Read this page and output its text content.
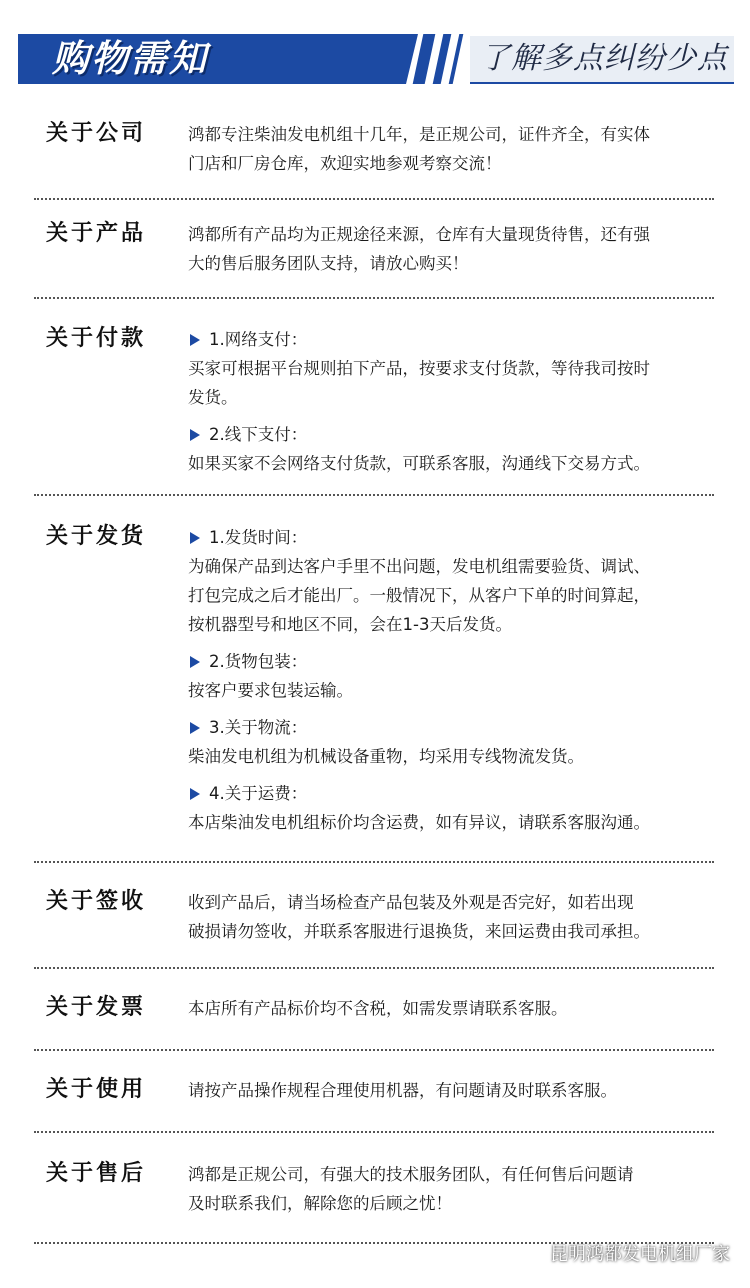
购物需知	了解多点纠纷少点
关于公司	鸿都专注柴油发电机组十几年，是正规公司，证件齐全，有实体

门店和厂房仓库，欢迎实地参观考察交流！

关于产品	鸿都所有产品均为正规途径来源，仓库有大量现货待售，还有强

大的售后服务团队支持，请放心购买！

关于付款	1.网络支付：

买家可根据平台规则拍下产品，按要求支付货款，等待我司按时

发货。

2.线下支付：

如果买家不会网络支付货款，可联系客服，沟通线下交易方式。

关于发货	1.发货时间：

为确保产品到达客户手里不出问题，发电机组需要验货、调试、

打包完成之后才能出厂。一般情况下，从客户下单的时间算起，

按机器型号和地区不同，会在1-3天后发货。

2.货物包装：

按客户要求包装运输。

3.关于物流：

柴油发电机组为机械设备重物，均采用专线物流发货。

4.关于运费：

本店柴油发电机组标价均含运费，如有异议，请联系客服沟通。

关于签收	收到产品后，请当场检查产品包装及外观是否完好，如若出现

破损请勿签收，并联系客服进行退换货，来回运费由我司承担。

关于发票	本店所有产品标价均不含税，如需发票请联系客服。

关于使用	请按产品操作规程合理使用机器，有问题请及时联系客服。

关于售后	鸿都是正规公司，有强大的技术服务团队，有任何售后问题请

及时联系我们，解除您的后顾之忧！

昆明鸿都发电机组厂家
